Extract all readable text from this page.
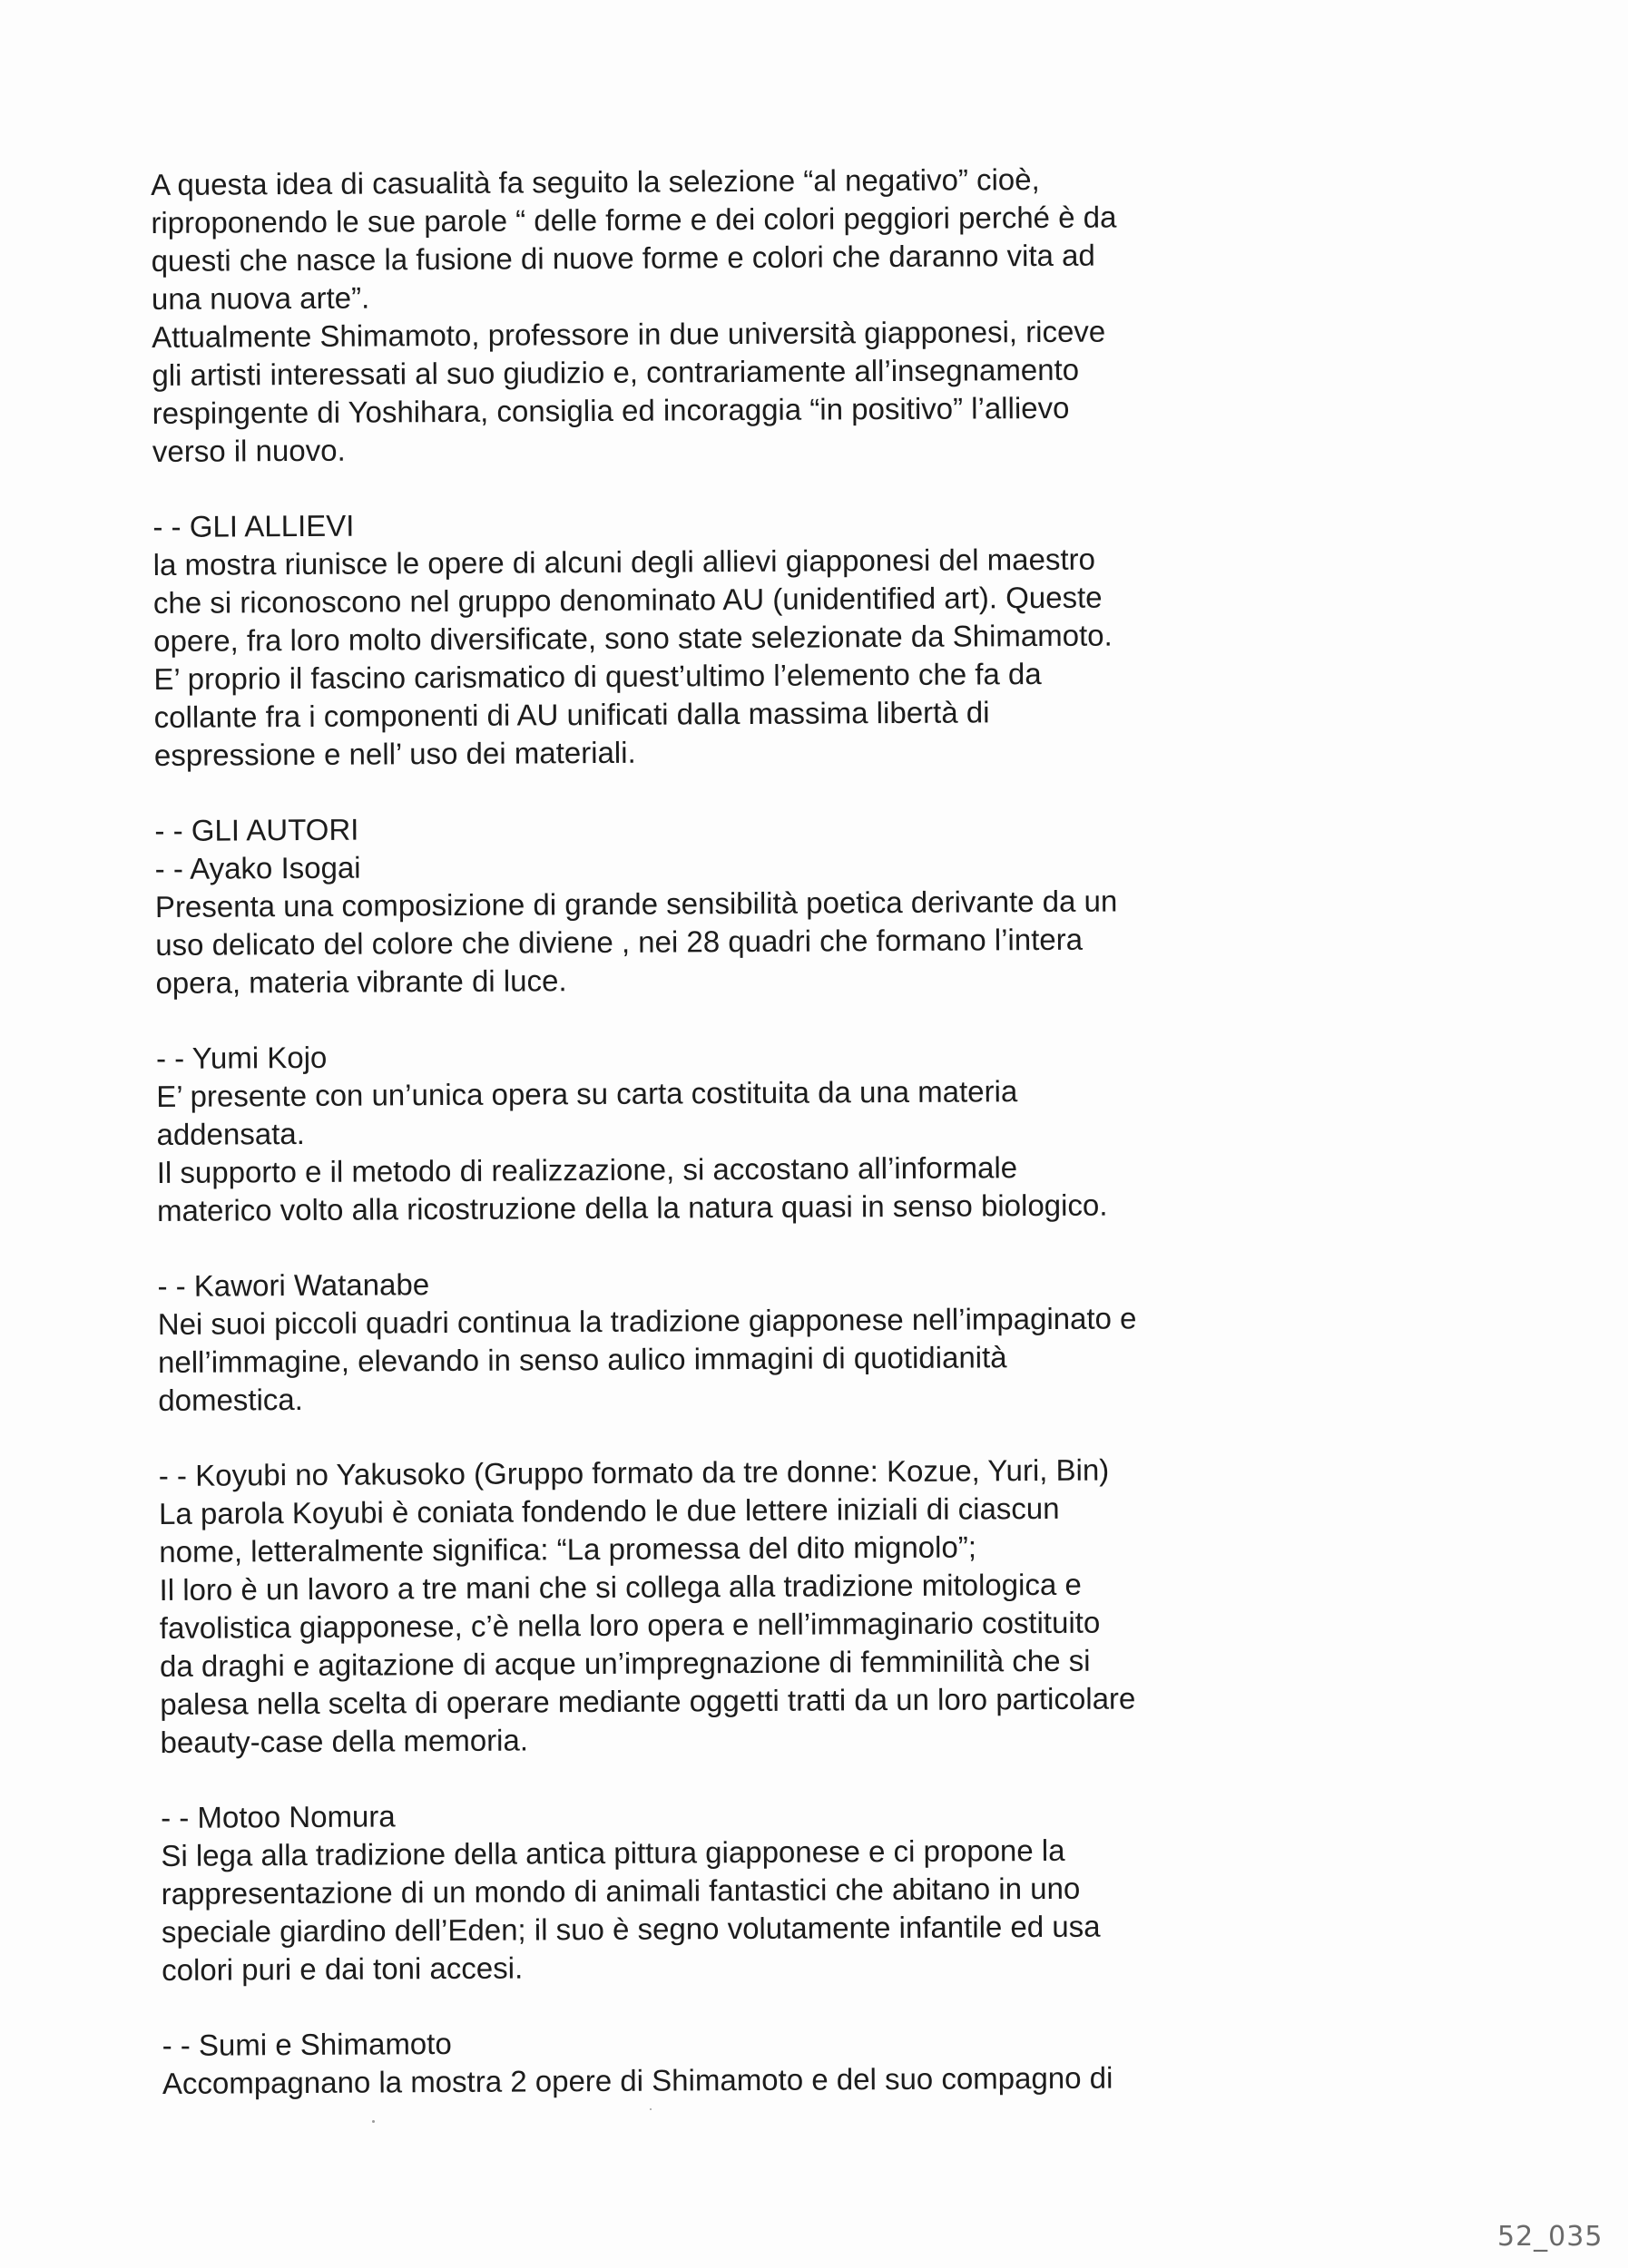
A questa idea di casualità fa seguito la selezione “al negativo” cioè,
riproponendo le sue parole “ delle forme e dei colori peggiori perché è da
questi che nasce la fusione di nuove forme e colori che daranno vita ad
una nuova arte”.
Attualmente Shimamoto, professore in due università giapponesi, riceve
gli artisti interessati al suo giudizio e, contrariamente all’insegnamento
respingente di Yoshihara, consiglia ed incoraggia “in positivo” l’allievo
verso il nuovo.
- - GLI ALLIEVI
la mostra riunisce le opere di alcuni degli allievi giapponesi del maestro
che si riconoscono nel gruppo denominato AU (unidentified art). Queste
opere, fra loro molto diversificate, sono state selezionate da Shimamoto.
E’ proprio il fascino carismatico di quest’ultimo l’elemento che fa da
collante fra i componenti di AU unificati dalla massima libertà di
espressione e nell’ uso dei materiali.
- - GLI AUTORI
- - Ayako Isogai
Presenta una composizione di grande sensibilità poetica derivante da un
uso delicato del colore che diviene , nei 28 quadri che formano l’intera
opera, materia vibrante di luce.
- - Yumi Kojo
E’ presente con un’unica opera su carta costituita da una materia
addensata.
Il supporto e il metodo di realizzazione, si accostano all’informale
materico volto alla ricostruzione della la natura quasi in senso biologico.
- - Kawori Watanabe
Nei suoi piccoli quadri continua la tradizione giapponese nell’impaginato e
nell’immagine, elevando in senso aulico immagini di quotidianità
domestica.
- - Koyubi no Yakusoko (Gruppo formato da tre donne: Kozue, Yuri, Bin)
La parola Koyubi è coniata fondendo le due lettere iniziali di ciascun
nome, letteralmente significa: “La promessa del dito mignolo”;
Il loro è un lavoro a tre mani che si collega alla tradizione mitologica e
favolistica giapponese, c’è nella loro opera e nell’immaginario costituito
da draghi e agitazione di acque un’impregnazione di femminilità che si
palesa nella scelta di operare mediante oggetti tratti da un loro particolare
beauty-case della memoria.
- - Motoo Nomura
Si lega alla tradizione della antica pittura giapponese e ci propone la
rappresentazione di un mondo di animali fantastici che abitano in uno
speciale giardino dell’Eden; il suo è segno volutamente infantile ed usa
colori puri e dai toni accesi.
- - Sumi e Shimamoto
Accompagnano la mostra 2 opere di Shimamoto e del suo compagno di
52_035
